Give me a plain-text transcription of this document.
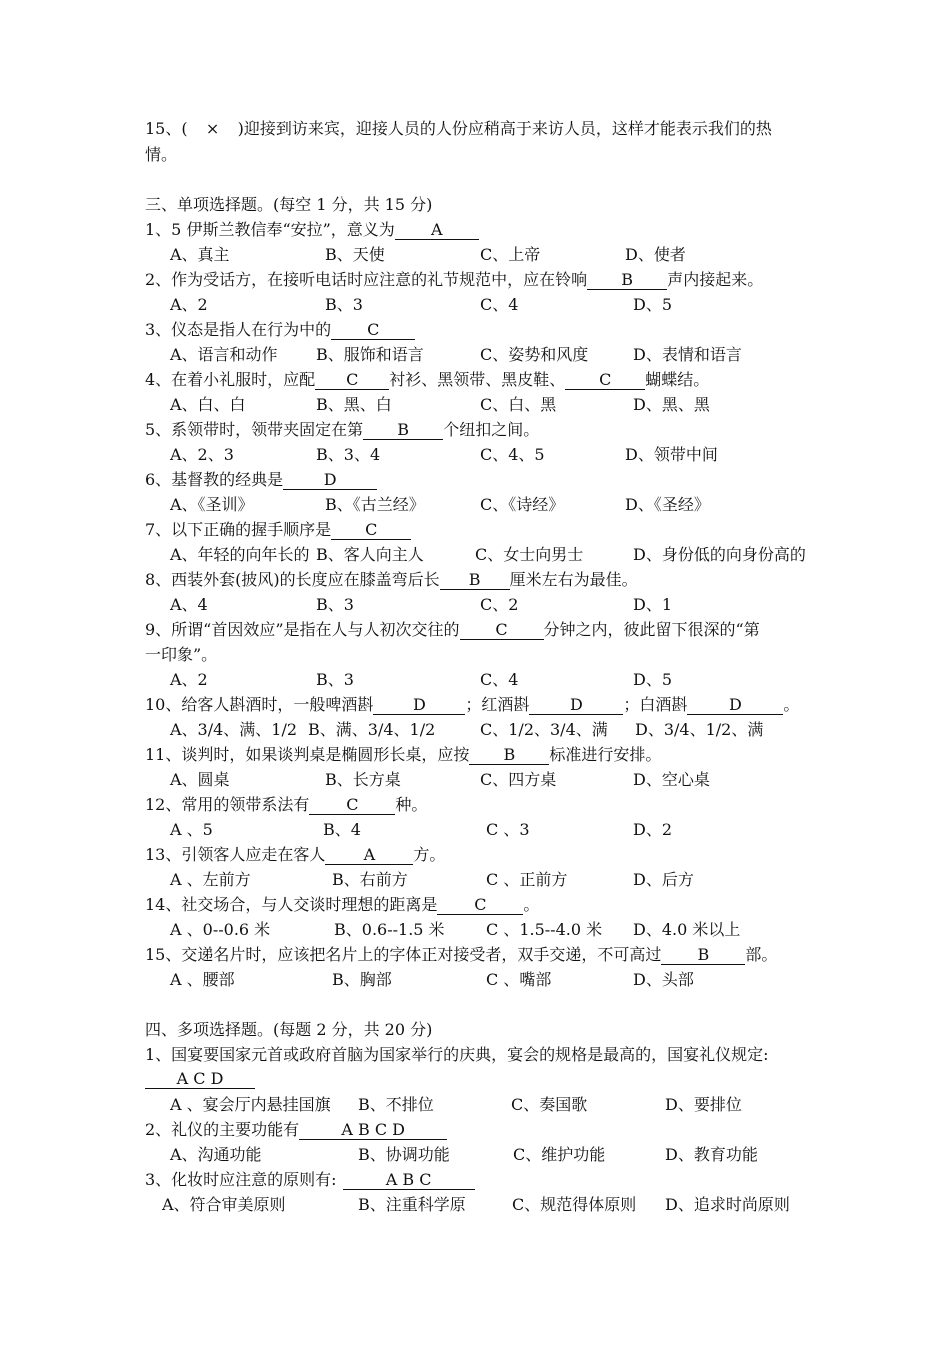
15、( × )迎接到访来宾，迎接人员的人份应稍高于来访人员，这样才能表示我们的热
情。
三、单项选择题。(每空 1 分，共 15 分)
1、5 伊斯兰教信奉“安拉”，意义为 A
A、真主	B、天使	C、上帝	D、使者
2、作为受话方，在接听电话时应注意的礼节规范中，应在铃响 B 声内接起来。
A、2	B、3	C、4	D、5
3、仪态是指人在行为中的 C
A、语言和动作 B、服饰和语言	C、姿势和风度	D、表情和语言
4、在着小礼服时，应配 C 衬衫、黑领带、黑皮鞋、 C 蝴蝶结。
A、白、白	B、黑、白	C、白、黑	D、黑、黑
5、系领带时，领带夹固定在第 B 个纽扣之间。
A、2、3	B、3、4	C、4、5	D、领带中间
6、基督教的经典是	D
A、《圣训》	B、《古兰经》	C、《诗经》	D、《圣经》
7、以下正确的握手顺序是 C
A、年轻的向年长的 B、客人向主人	C、女士向男士	D、身份低的向身份高的
8、西装外套(披风)的长度应在膝盖弯后长 B 厘米左右为最佳。
A、4	B、3	C、2	D、1
9、所谓“首因效应”是指在人与人初次交往的 C 分钟之内，彼此留下很深的“第
一印象”。
A、2	B、3	C、4	D、5
10、给客人斟酒时，一般啤酒斟 D ；红酒斟	D	；白酒斟	D	。
A、3/4、满、1/2 B、满、3/4、1/2	C、1/2、3/4、满 D、3/4、1/2、满
11、谈判时，如果谈判桌是椭圆形长桌，应按 B 标准进行安排。
A、圆桌	B、长方桌	C、四方桌	D、空心桌
12、常用的领带系法有 C 种。
A 、5	B、4	C 、3	D、2
13、引领客人应走在客人 A 方。
A 、左前方	B、右前方	C 、正前方	D、后方
14、社交场合，与人交谈时理想的距离是 C 。
A 、0--0.6 米	B、0.6--1.5 米	C 、1.5--4.0 米 D、4.0 米以上
15、交递名片时，应该把名片上的字体正对接受者，双手交递，不可高过 B 部。
A 、腰部	B、胸部	C 、嘴部	D、头部
四、多项选择题。(每题 2 分，共 20 分)
1、国宴要国家元首或政府首脑为国家举行的庆典，宴会的规格是最高的，国宴礼仪规定:
A C D
A 、宴会厅内悬挂国旗 B、不排位	C、奏国歌	D、要排位
2、礼仪的主要功能有	A B C D
A、沟通功能	B、协调功能	C、维护功能	D、教育功能
3、化妆时应注意的原则有:	A B C
A、符合审美原则	B、注重科学原	C、规范得体原则 D、追求时尚原则
